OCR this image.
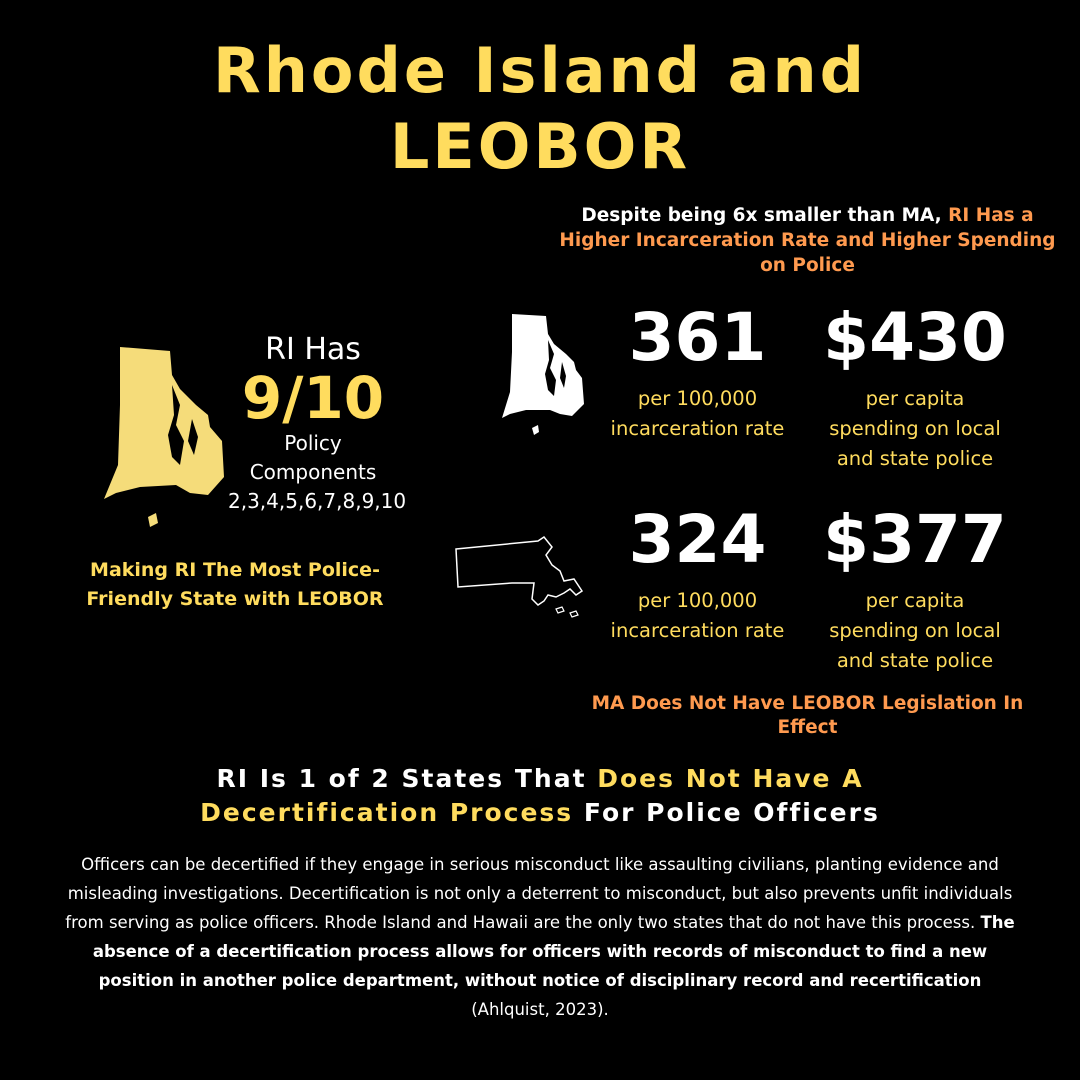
Rhode Island and
LEOBOR
Despite being 6x smaller than MA, RI Has a Higher Incarceration Rate and Higher Spending on Police
RI Has
9/10
Policy
Components
2,3,4,5,6,7,8,9,10
Making RI The Most Police-
Friendly State with LEOBOR
361
per 100,000
incarceration rate
$430
per capita
spending on local
and state police
324
per 100,000
incarceration rate
$377
per capita
spending on local
and state police
MA Does Not Have LEOBOR Legislation In
Effect
RI Is 1 of 2 States That Does Not Have A
Decertification Process For Police Officers
Officers can be decertified if they engage in serious misconduct like assaulting civilians, planting evidence and misleading investigations. Decertification is not only a deterrent to misconduct, but also prevents unfit individuals from serving as police officers. Rhode Island and Hawaii are the only two states that do not have this process. The absence of a decertification process allows for officers with records of misconduct to find a new position in another police department, without notice of disciplinary record and recertification (Ahlquist, 2023).
